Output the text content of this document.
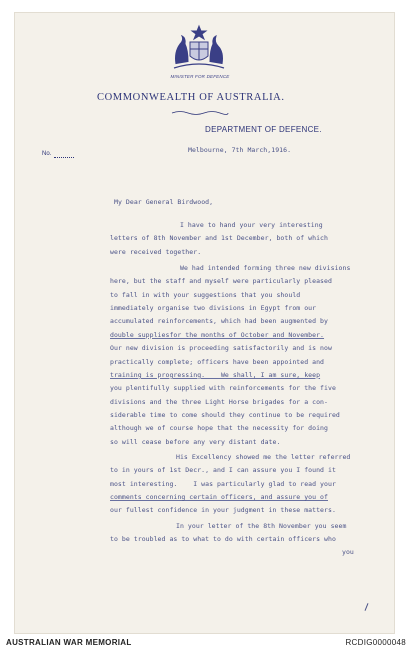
MINISTER FOR DEFENCE
COMMONWEALTH OF AUSTRALIA.
DEPARTMENT OF DEFENCE.
No.	Melbourne, 7th March,1916.
My Dear General Birdwood,
I have to hand your very interesting
letters of 8th November and 1st December, both of which
were received together.
We had intended forming three new divisions
here, but the staff and myself were particularly pleased
to fall in with your suggestions that you should
immediately organise two divisions in Egypt from our
accumulated reinforcements, which had been augmented by
double suppliesfor the months of October and November.
Our new division is proceeding satisfactorily and is now
practically complete; officers have been appointed and
training is progressing.    We shall, I am sure, keep
you plentifully supplied with reinforcements for the five
divisions and the three Light Horse brigades for a con-
siderable time to come should they continue to be required
although we of course hope that the necessity for doing
so will cease before any very distant date.
His Excellency showed me the letter referred
to in yours of 1st Decr., and I can assure you I found it
most interesting.    I was particularly glad to read your
comments concerning certain officers, and assure you of
our fullest confidence in your judgment in these matters.
In your letter of the 8th November you seem
to be troubled as to what to do with certain officers who
you
AUSTRALIAN WAR MEMORIAL	RCDIG0000048
